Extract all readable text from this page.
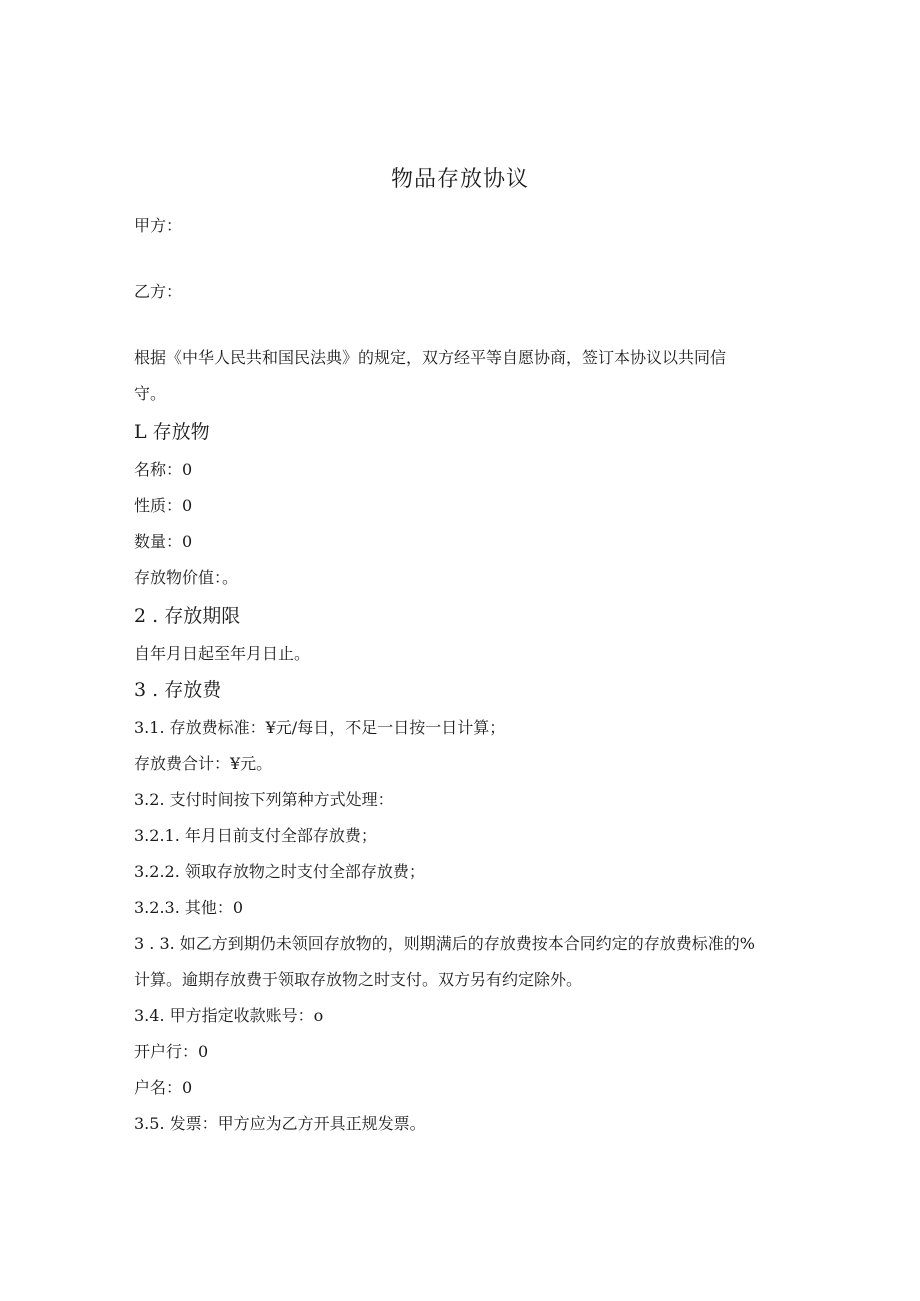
物品存放协议
甲方：
乙方：
根据《中华人民共和国民法典》的规定，双方经平等自愿协商，签订本协议以共同信
守。
L 存放物
名称：0
性质：0
数量：0
存放物价值：。
2 . 存放期限
自年月日起至年月日止。
3 . 存放费
3.1. 存放费标准：¥元/每日，不足一日按一日计算；
存放费合计：¥元。
3.2. 支付时间按下列第种方式处理：
3.2.1. 年月日前支付全部存放费；
3.2.2. 领取存放物之时支付全部存放费；
3.2.3. 其他：0
3 . 3. 如乙方到期仍未领回存放物的，则期满后的存放费按本合同约定的存放费标准的%
计算。逾期存放费于领取存放物之时支付。双方另有约定除外。
3.4. 甲方指定收款账号：o
开户行：0
户名：0
3.5. 发票：甲方应为乙方开具正规发票。
